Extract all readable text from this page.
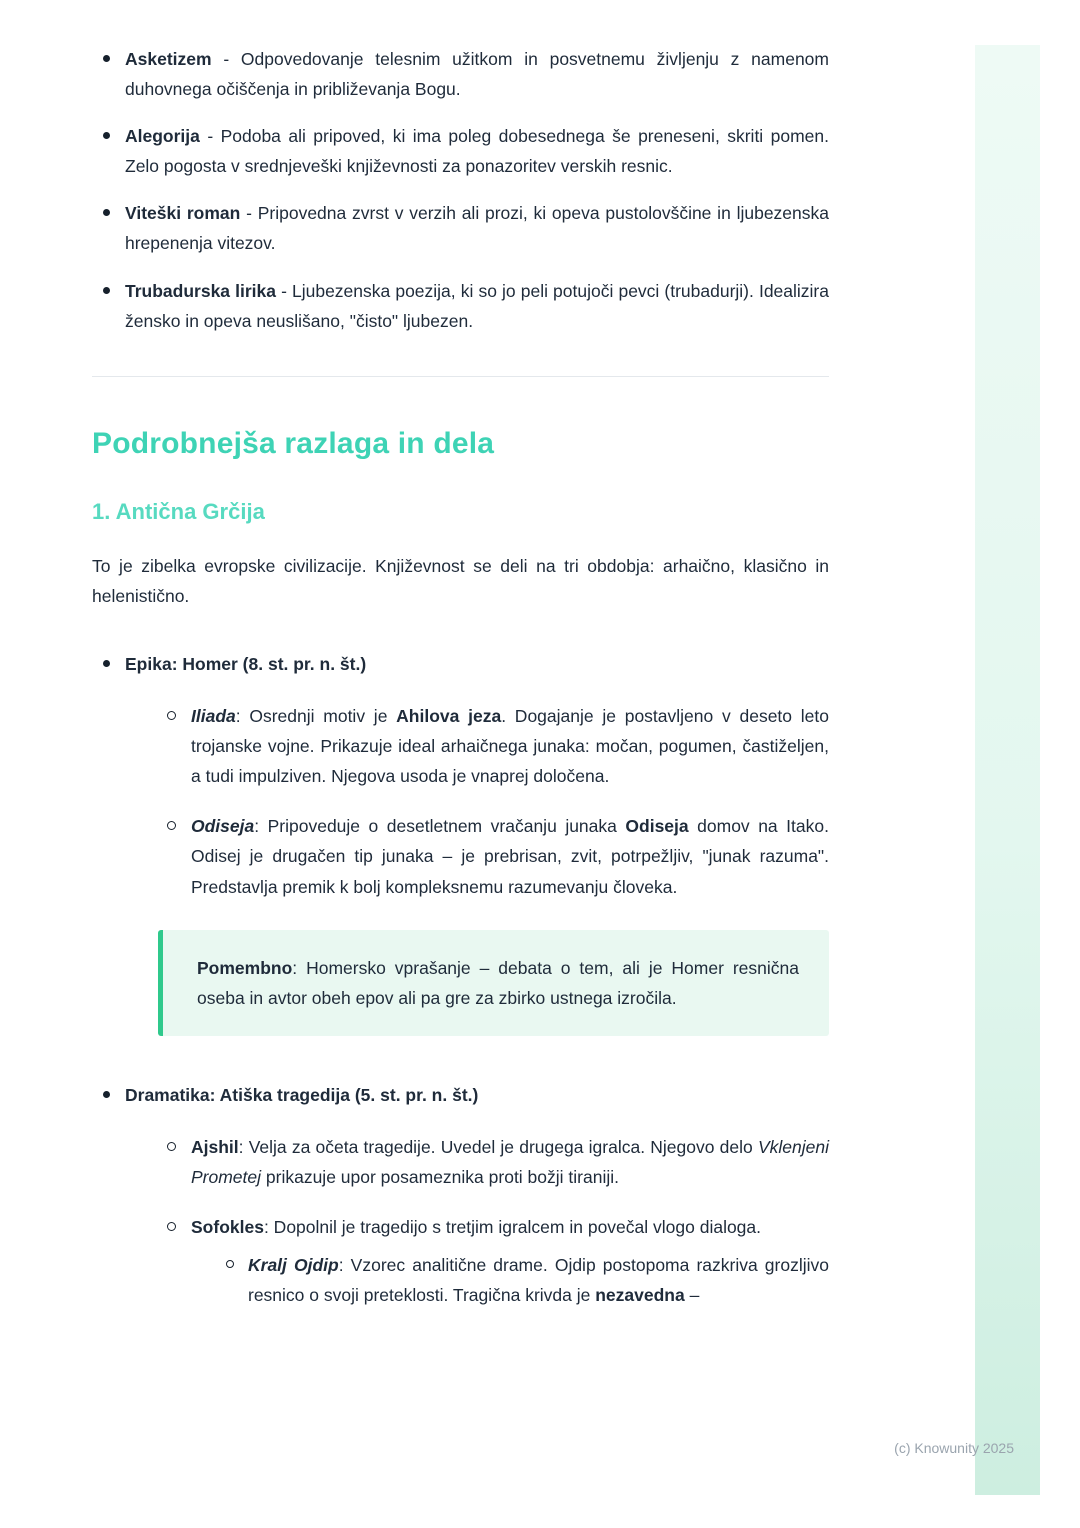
Asketizem - Odpovedovanje telesnim užitkom in posvetnemu življenju z namenom duhovnega očiščenja in približevanja Bogu.
Alegorija - Podoba ali pripoved, ki ima poleg dobesednega še preneseni, skriti pomen. Zelo pogosta v srednjeveški književnosti za ponazoritev verskih resnic.
Viteški roman - Pripovedna zvrst v verzih ali prozi, ki opeva pustolovščine in ljubezenska hrepenenja vitezov.
Trubadurska lirika - Ljubezenska poezija, ki so jo peli potujoči pevci (trubadurji). Idealizira žensko in opeva neuslišano, "čisto" ljubezen.
Podrobnejša razlaga in dela
1. Antična Grčija

To je zibelka evropske civilizacije. Književnost se deli na tri obdobja: arhaično, klasično in helenistično.

Epika: Homer (8. st. pr. n. št.)
Iliada: Osrednji motiv je Ahilova jeza. Dogajanje je postavljeno v deseto leto trojanske vojne. Prikazuje ideal arhaičnega junaka: močan, pogumen, častiželjen, a tudi impulziven. Njegova usoda je vnaprej določena.
Odiseja: Pripoveduje o desetletnem vračanju junaka Odiseja domov na Itako. Odisej je drugačen tip junaka – je prebrisan, zvit, potrpežljiv, "junak razuma". Predstavlja premik k bolj kompleksnemu razumevanju človeka.
Pomembno: Homersko vprašanje – debata o tem, ali je Homer resnična oseba in avtor obeh epov ali pa gre za zbirko ustnega izročila.
Dramatika: Atiška tragedija (5. st. pr. n. št.)
Ajshil: Velja za očeta tragedije. Uvedel je drugega igralca. Njegovo delo Vklenjeni Prometej prikazuje upor posameznika proti božji tiraniji.
Sofokles: Dopolnil je tragedijo s tretjim igralcem in povečal vlogo dialoga.
Kralj Ojdip: Vzorec analitične drame. Ojdip postopoma razkriva grozljivo resnico o svoji preteklosti. Tragična krivda je nezavedna –
(c) Knowunity 2025
